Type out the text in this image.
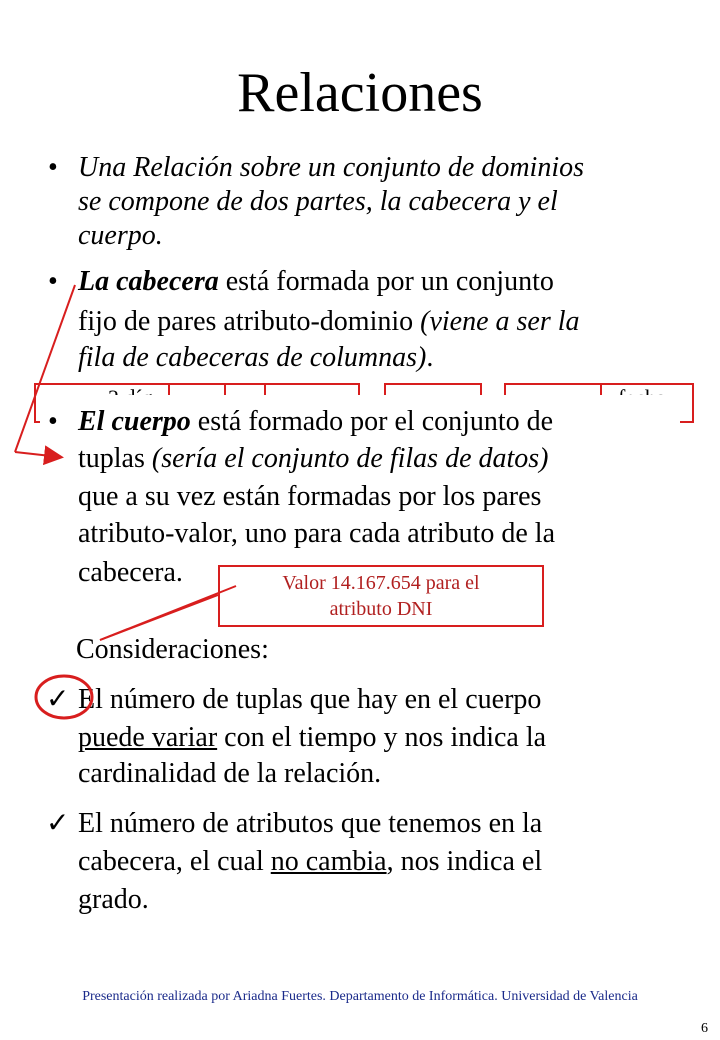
Relaciones
• Una Relación sobre un conjunto de dominios
se compone de dos partes, la cabecera y el
cuerpo.
• La cabecera está formada por un conjunto
fijo de pares atributo-dominio (viene a ser la
fila de cabeceras de columnas).
• El cuerpo está formado por el conjunto de
tuplas (sería el conjunto de filas de datos)
que a su vez están formadas por los pares
atributo-valor, uno para cada atributo de la
cabecera.	Valor 14.167.654 para el
atributo DNI
Consideraciones:
✓ El número de tuplas que hay en el cuerpo
puede variar con el tiempo y nos indica la
cardinalidad de la relación.
✓ El número de atributos que tenemos en la
cabecera, el cual no cambia, nos indica el
grado.
Presentación realizada por Ariadna Fuertes. Departamento de Informática. Universidad de Valencia
6
